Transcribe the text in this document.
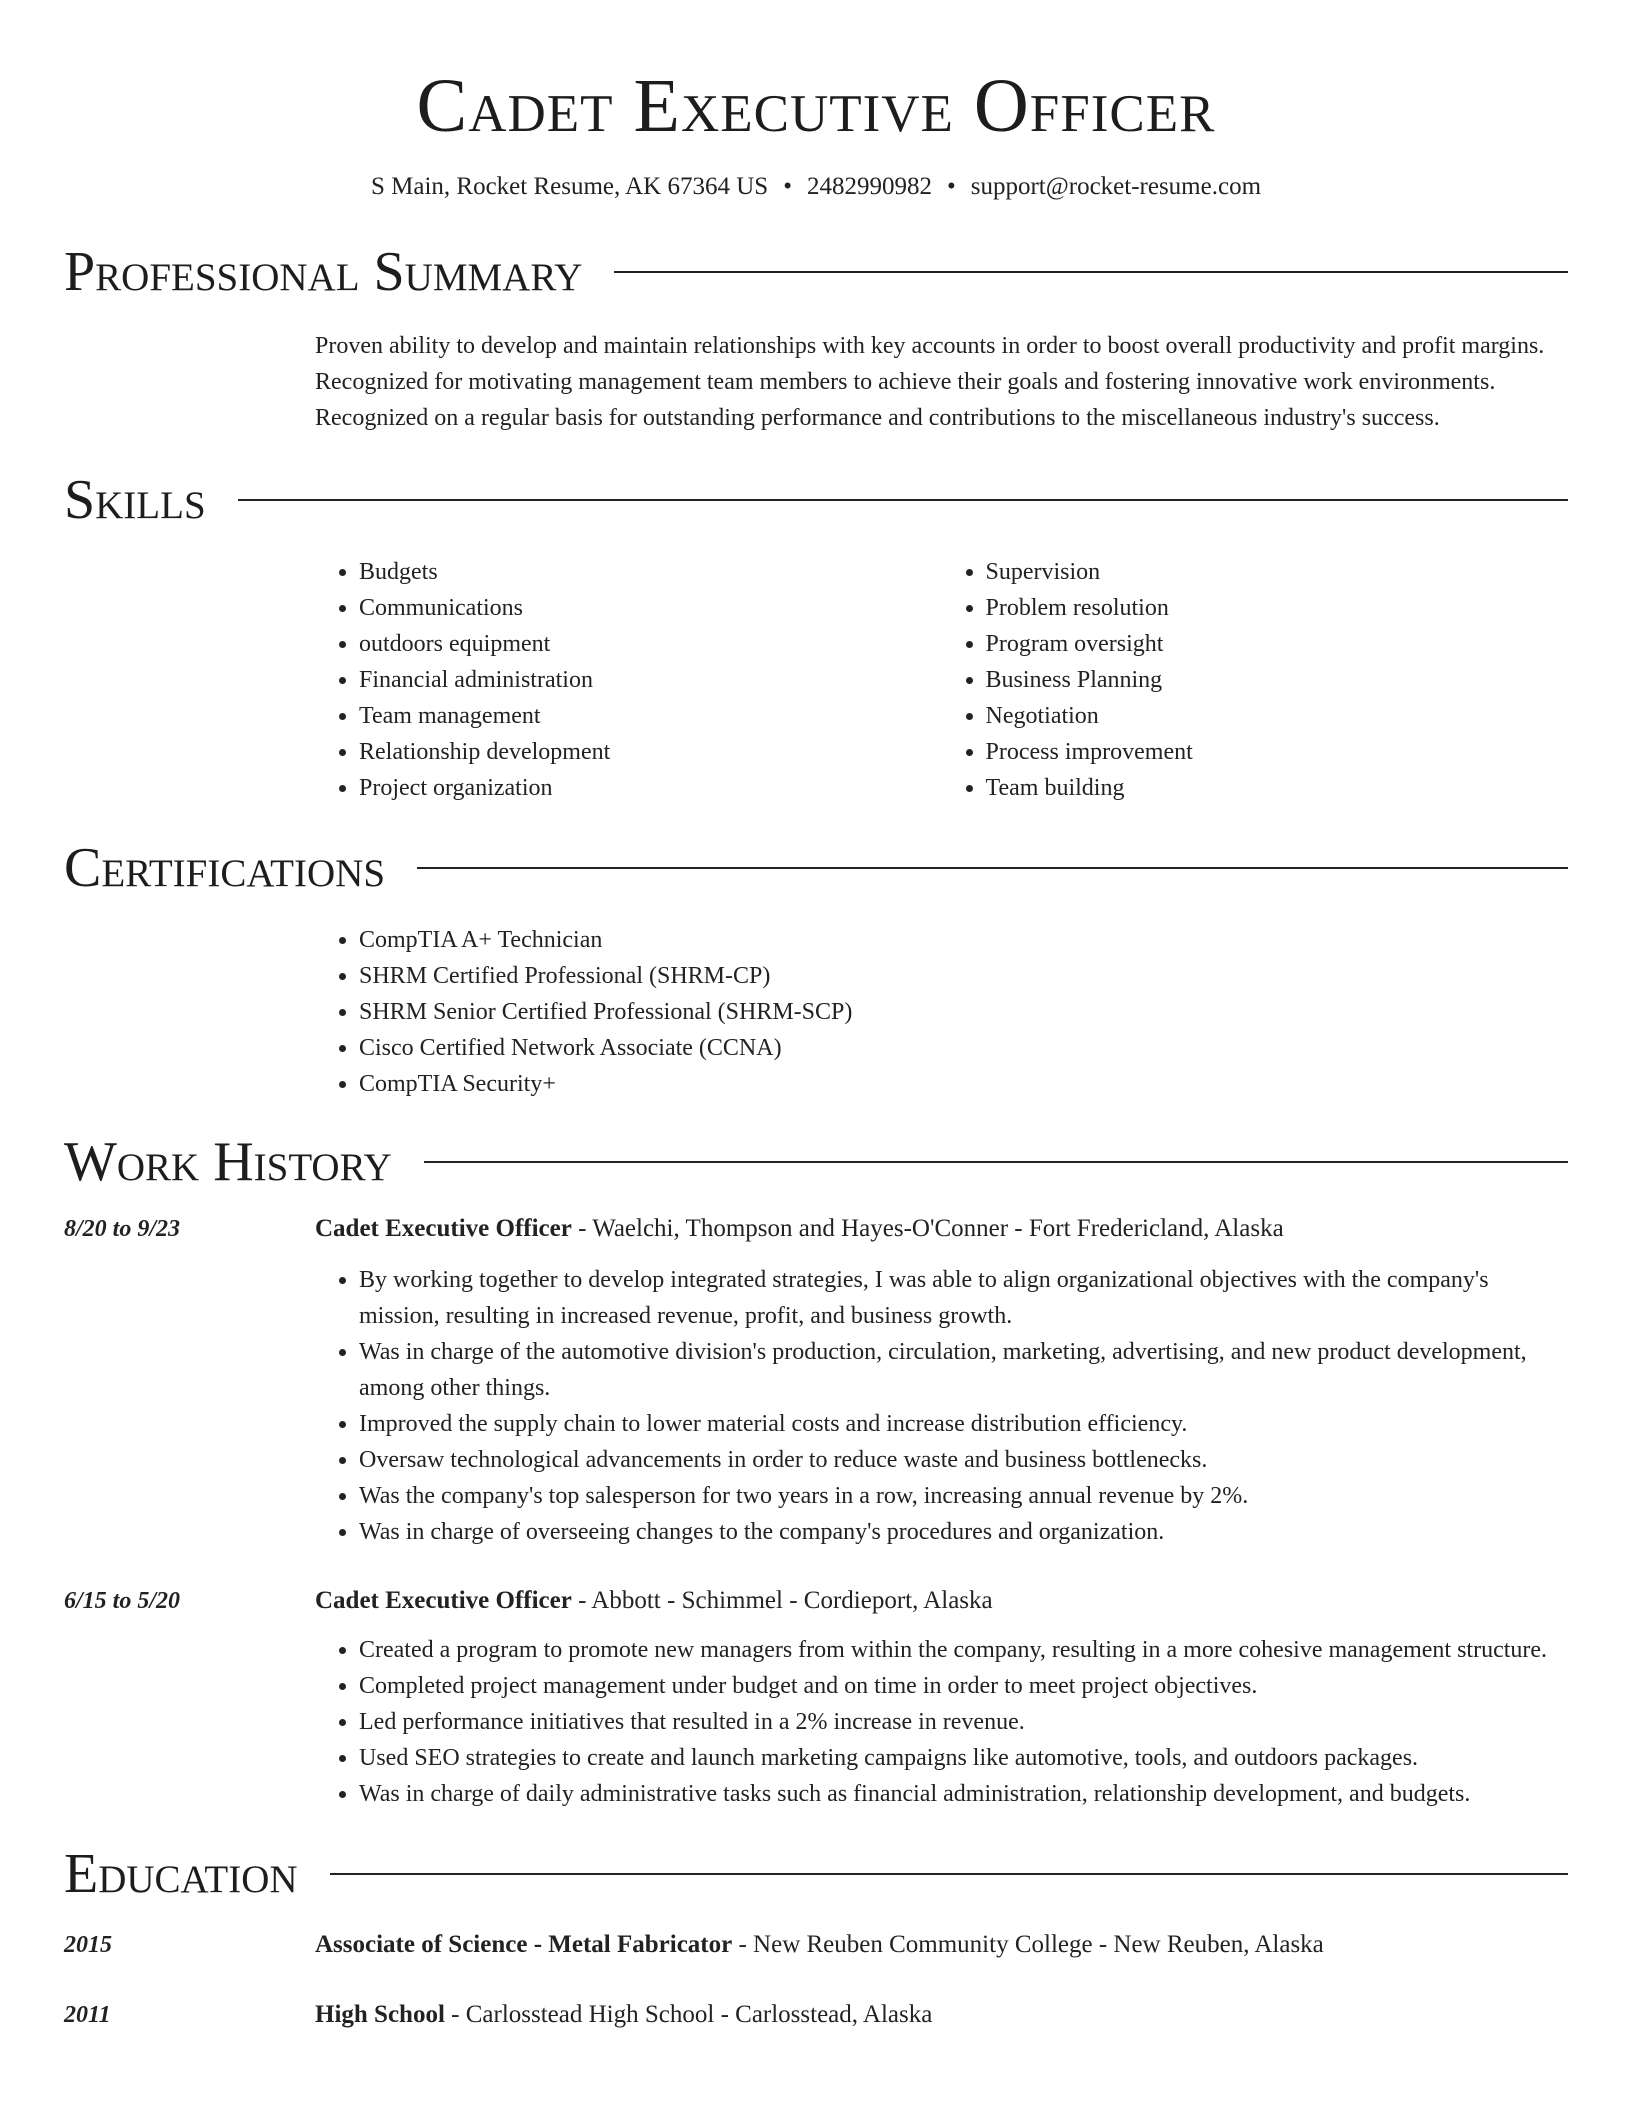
Cadet Executive Officer
S Main, Rocket Resume, AK 67364 US • 2482990982 • support@rocket-resume.com
Professional Summary
Proven ability to develop and maintain relationships with key accounts in order to boost overall productivity and profit margins. Recognized for motivating management team members to achieve their goals and fostering innovative work environments. Recognized on a regular basis for outstanding performance and contributions to the miscellaneous industry's success.
Skills
• Budgets
• Communications
• outdoors equipment
• Financial administration
• Team management
• Relationship development
• Project organization
• Supervision
• Problem resolution
• Program oversight
• Business Planning
• Negotiation
• Process improvement
• Team building
Certifications
• CompTIA A+ Technician
• SHRM Certified Professional (SHRM-CP)
• SHRM Senior Certified Professional (SHRM-SCP)
• Cisco Certified Network Associate (CCNA)
• CompTIA Security+
Work History
8/20 to 9/23	Cadet Executive Officer - Waelchi, Thompson and Hayes-O'Conner - Fort Fredericland, Alaska
• By working together to develop integrated strategies, I was able to align organizational objectives with the company's mission, resulting in increased revenue, profit, and business growth.
• Was in charge of the automotive division's production, circulation, marketing, advertising, and new product development, among other things.
• Improved the supply chain to lower material costs and increase distribution efficiency.
• Oversaw technological advancements in order to reduce waste and business bottlenecks.
• Was the company's top salesperson for two years in a row, increasing annual revenue by 2%.
• Was in charge of overseeing changes to the company's procedures and organization.
6/15 to 5/20	Cadet Executive Officer - Abbott - Schimmel - Cordieport, Alaska
• Created a program to promote new managers from within the company, resulting in a more cohesive management structure.
• Completed project management under budget and on time in order to meet project objectives.
• Led performance initiatives that resulted in a 2% increase in revenue.
• Used SEO strategies to create and launch marketing campaigns like automotive, tools, and outdoors packages.
• Was in charge of daily administrative tasks such as financial administration, relationship development, and budgets.
Education
2015	Associate of Science - Metal Fabricator - New Reuben Community College - New Reuben, Alaska
2011	High School - Carlosstead High School - Carlosstead, Alaska
